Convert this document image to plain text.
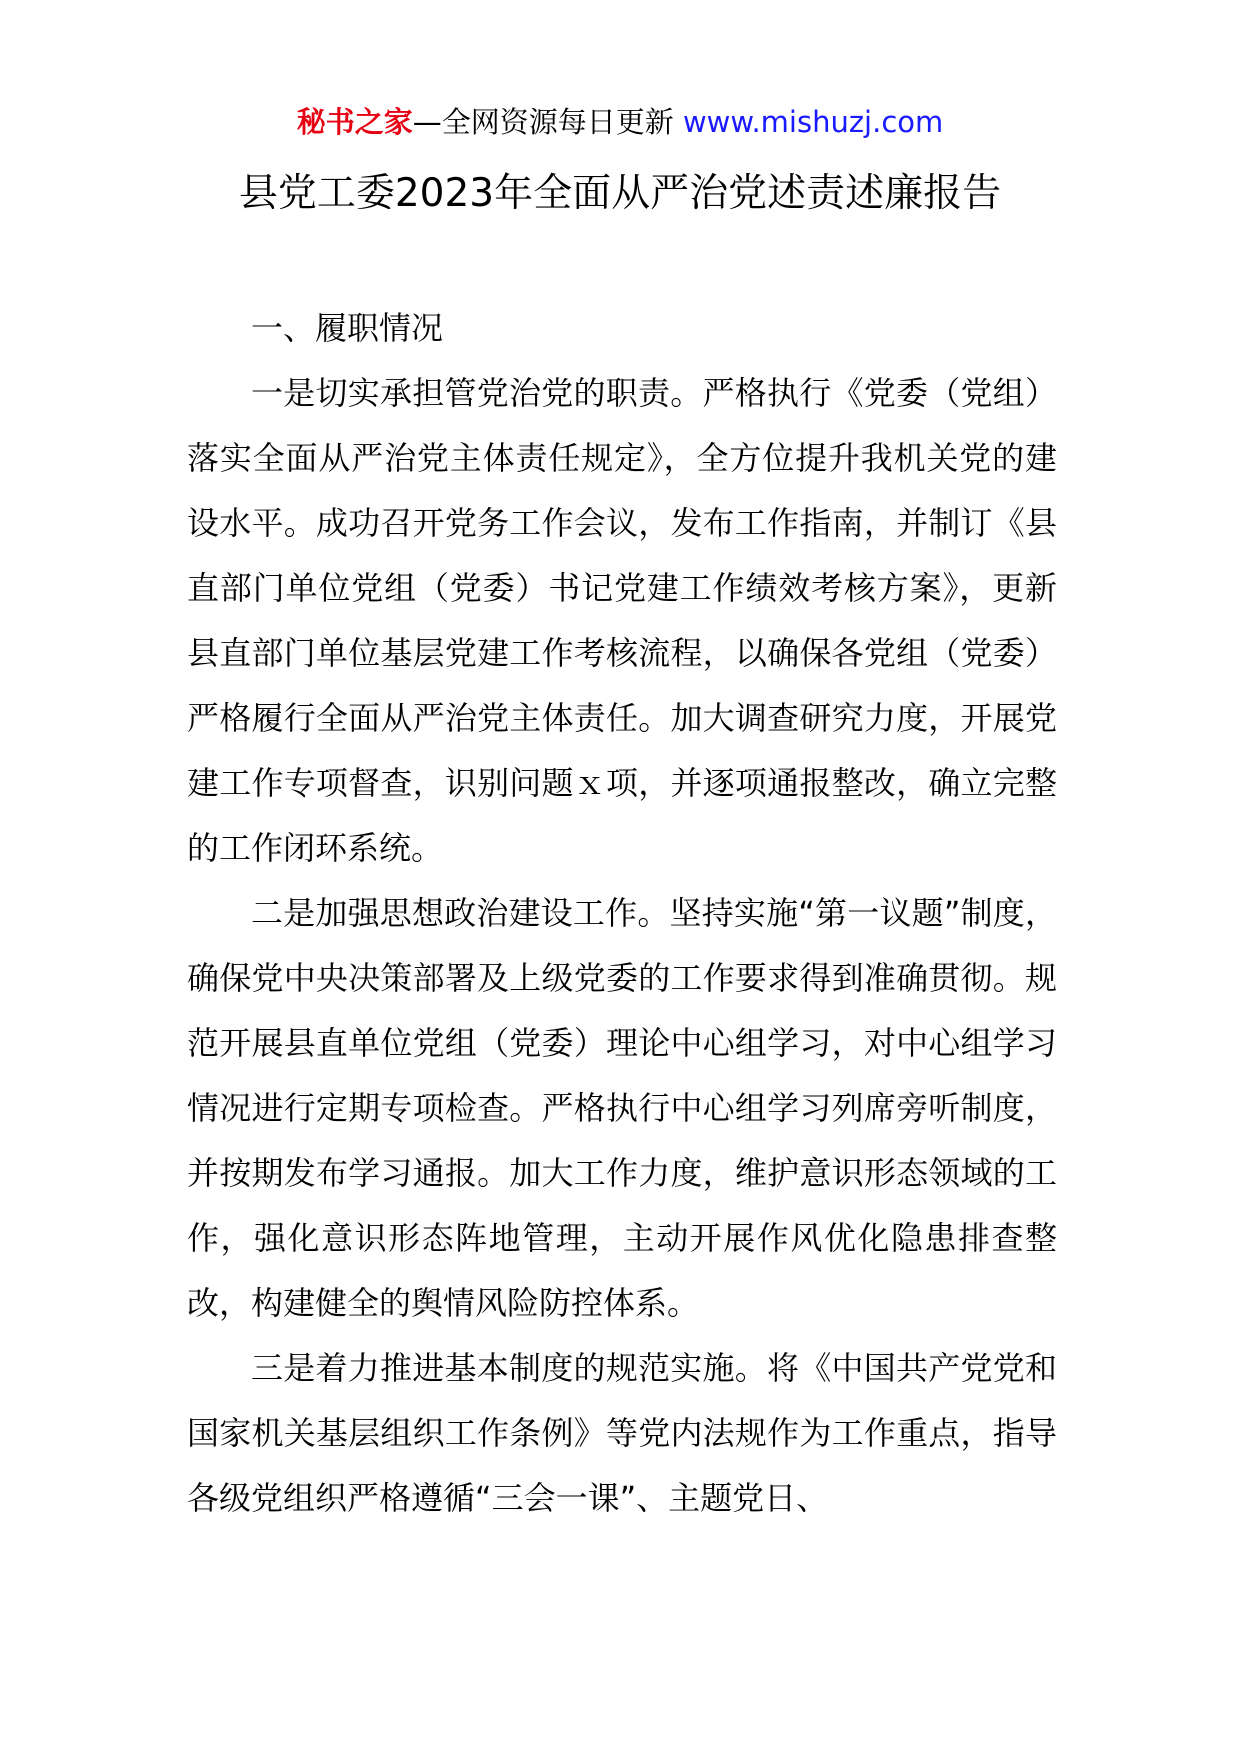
秘书之家—全网资源每日更新 www.mishuzj.com
县党工委2023年全面从严治党述责述廉报告

一、履职情况

一是切实承担管党治党的职责。严格执行《党委（党组）落实全面从严治党主体责任规定》，全方位提升我机关党的建设水平。成功召开党务工作会议，发布工作指南，并制订《县直部门单位党组（党委）书记党建工作绩效考核方案》，更新县直部门单位基层党建工作考核流程，以确保各党组（党委）严格履行全面从严治党主体责任。加大调查研究力度，开展党建工作专项督查，识别问题ｘ项，并逐项通报整改，确立完整的工作闭环系统。

二是加强思想政治建设工作。坚持实施“第一议题”制度，确保党中央决策部署及上级党委的工作要求得到准确贯彻。规范开展县直单位党组（党委）理论中心组学习，对中心组学习情况进行定期专项检查。严格执行中心组学习列席旁听制度，并按期发布学习通报。加大工作力度，维护意识形态领域的工作，强化意识形态阵地管理，主动开展作风优化隐患排查整改，构建健全的舆情风险防控体系。

三是着力推进基本制度的规范实施。将《中国共产党党和国家机关基层组织工作条例》等党内法规作为工作重点，指导各级党组织严格遵循“三会一课”、主题党日、
